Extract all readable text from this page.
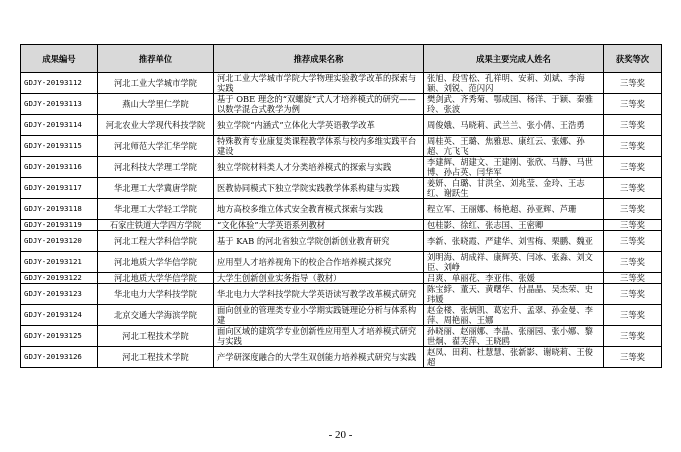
成果编号	推荐单位	推荐成果名称	成果主要完成人姓名	获奖等次
GDJY-20193112	河北工业大学城市学院	河北工业大学城市学院大学物理实验教学改革的探索与实践	张旭、段雪松、孔祥明、安莉、刘斌、李海颖、刘锐、范闪闪	三等奖
GDJY-20193113	燕山大学里仁学院	基于 OBE 理念的“双螺旋”式人才培养模式的研究——以数学混合式教学为例	樊剑武、齐秀菊、鄂成国、杨洋、于颖、秦雅玲、张波	三等奖
GDJY-20193114	河北农业大学现代科技学院	独立学院“内涵式”立体化大学英语教学改革	周俊娥、马晓莉、武兰兰、张小倩、王浩勇	三等奖
GDJY-20193115	河北师范大学汇华学院	特殊教育专业康复类课程教学体系与校内多维实践平台建设	周桂英、王璐、焦雅思、康红云、张娜、孙超、亢飞飞	三等奖
GDJY-20193116	河北科技大学理工学院	独立学院材料类人才分类培养模式的探索与实践	李建辉、胡建文、王建刚、张欣、马静、马世博、孙占英、闫华军	三等奖
GDJY-20193117	华北理工大学冀唐学院	医教协同模式下独立学院实践教学体系构建与实践	姜妍、白璐、甘洪全、刘兆莹、金玲、王志红、谢跃生	三等奖
GDJY-20193118	华北理工大学轻工学院	地方高校多维立体式安全教育模式探索与实践	程立军、王丽娜、杨艳超、孙亚辉、芦珊	三等奖
GDJY-20193119	石家庄铁道大学四方学院	“文化体验”大学英语系列教材	包桂影、徐红、张志国、王密卿	三等奖
GDJY-20193120	河北工程大学科信学院	基于 KAB 的河北省独立学院创新创业教育研究	李新、张晓霞、严建华、刘雪梅、栗鹏、魏亚	三等奖
GDJY-20193121	河北地质大学华信学院	应用型人才培养视角下的校企合作培养模式探究	刘明海、胡成祥、康辉英、闫冰、张淼、刘文臣、刘峥	三等奖
GDJY-20193122	河北地质大学华信学院	大学生创新创业实务指导（教材）	吕爽、单丽花、李亚伟、张媛	三等奖
GDJY-20193123	华北电力大学科技学院	华北电力大学科技学院大学英语读写教学改革模式研究	陈宝綍、董天、黄曙华、付晶晶、吴杰荣、史玮媛	三等奖
GDJY-20193124	北京交通大学海滨学院	面向创业的管理类专业小学期实践链理论分析与体系构建	赵金楼、张炳凯、葛宏升、孟翠、孙金曼、李萍、周艳丽、王娜	三等奖
GDJY-20193125	河北工程技术学院	面向区域的建筑学专业创新性应用型人才培养模式研究与实践	孙晓丽、赵丽娜、李晶、张丽园、张小娜、黎世炯、翟芙萍、王晓鸥	三等奖
GDJY-20193126	河北工程技术学院	产学研深度融合的大学生双创能力培养模式研究与实践	赵凤、田莉、杜慧慧、张新影、谢晓莉、王俊超	三等奖
- 20 -
